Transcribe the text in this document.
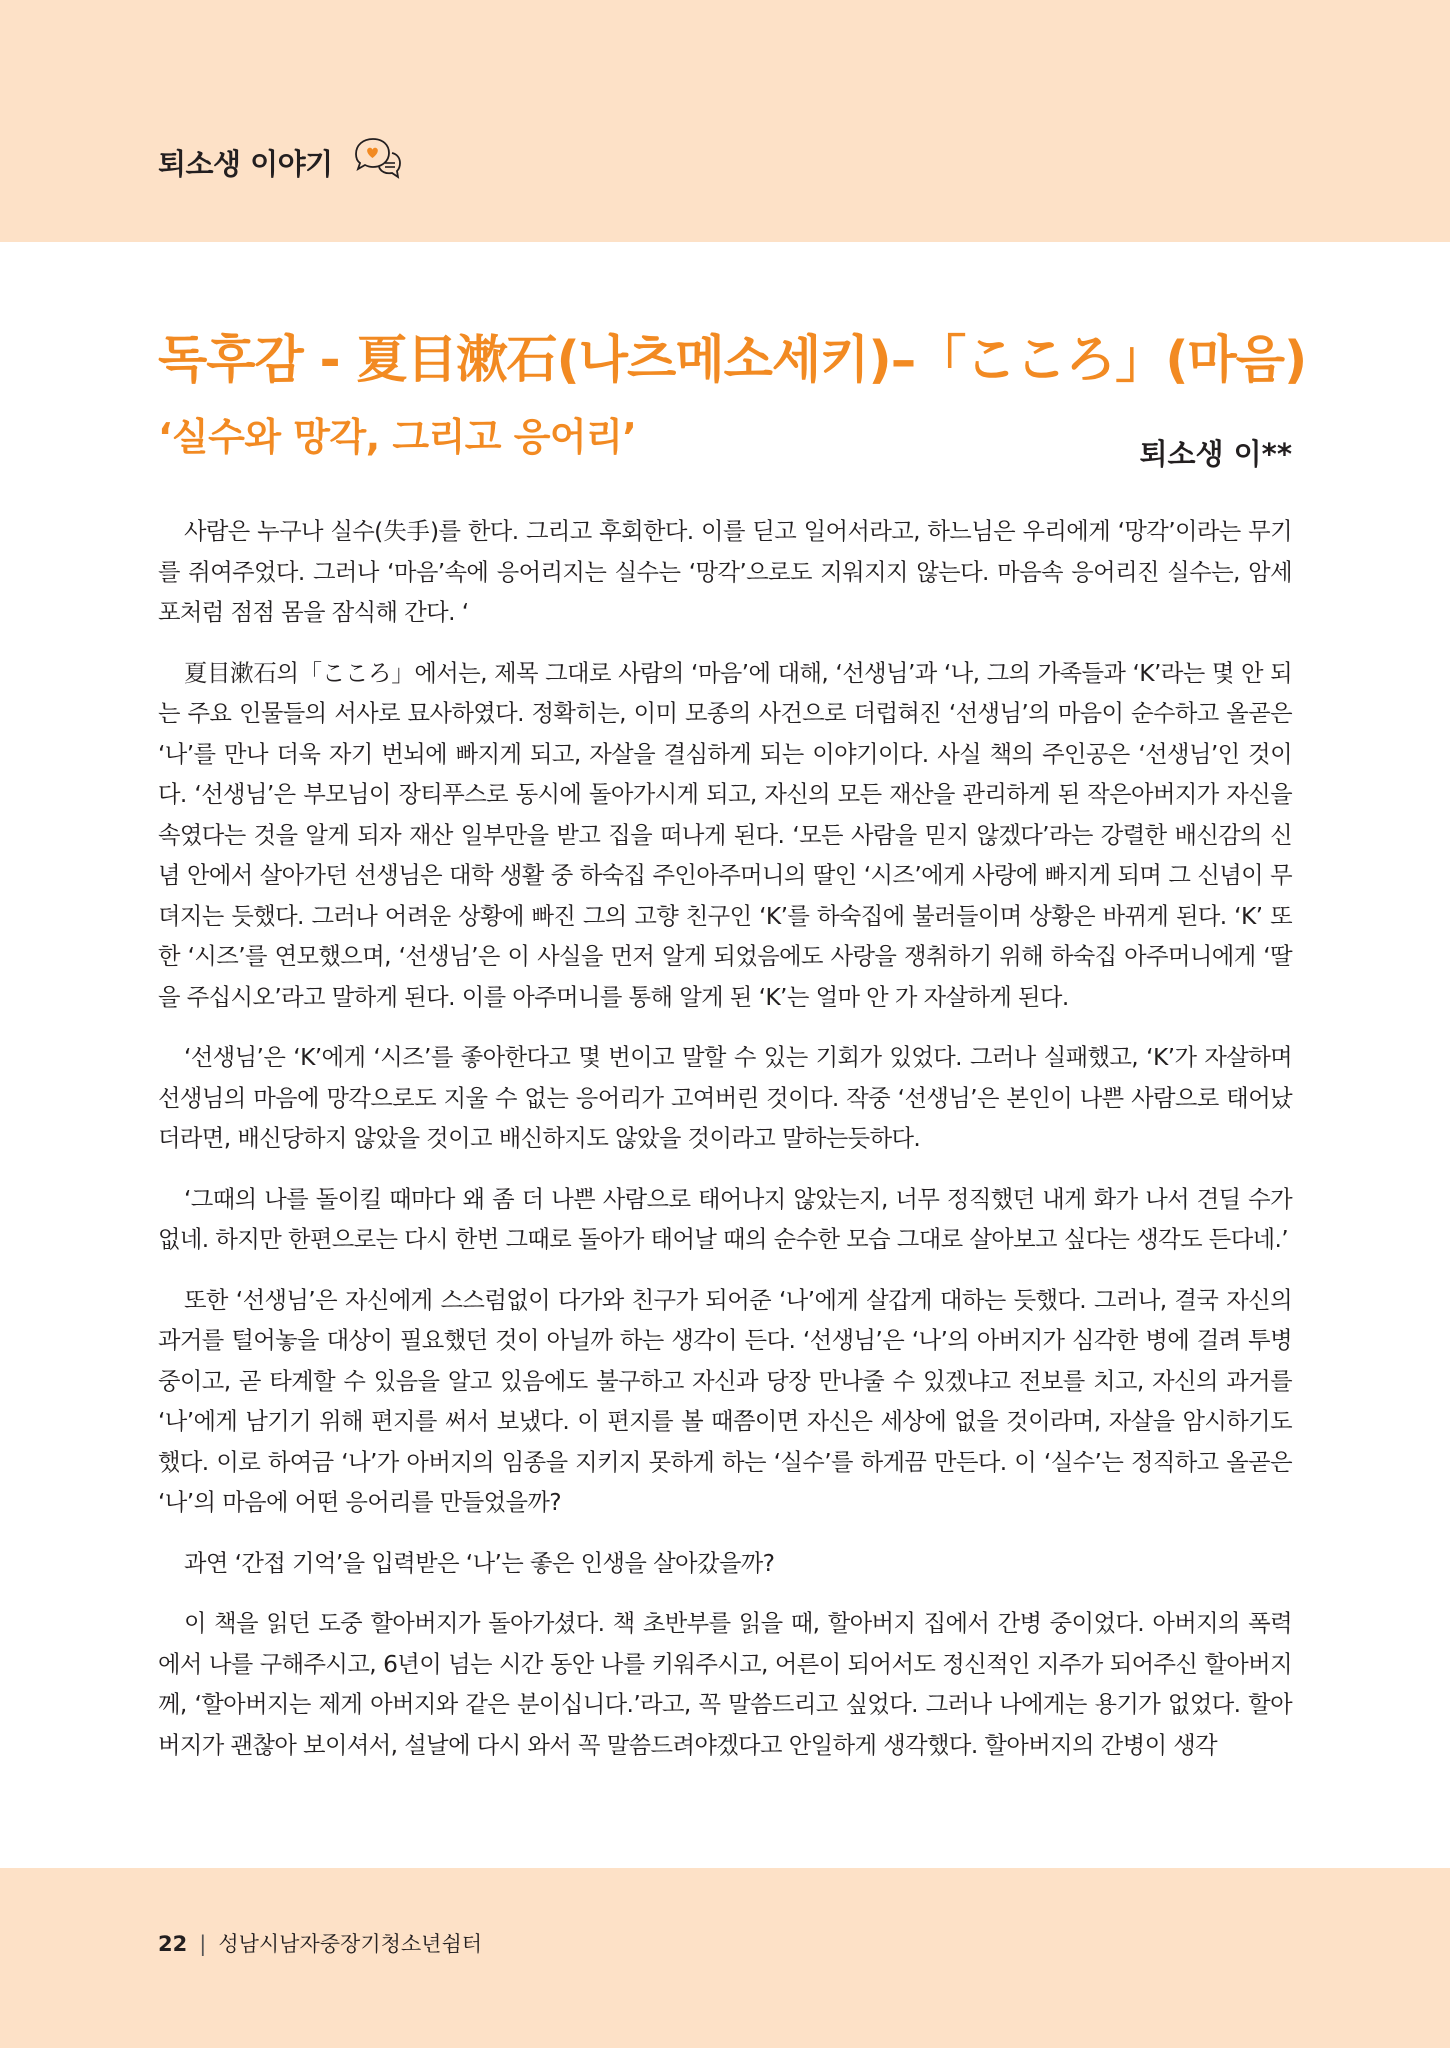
퇴소생 이야기
독후감 - 夏目漱石(나츠메소세키)–「こころ」(마음)
‘실수와 망각, 그리고 응어리’	퇴소생 이**

사람은 누구나 실수(失手)를 한다. 그리고 후회한다. 이를 딛고 일어서라고, 하느님은 우리에게 ‘망각’이라는 무기를 쥐여주었다. 그러나 ‘마음’속에 응어리지는 실수는 ‘망각’으로도 지워지지 않는다. 마음속 응어리진 실수는, 암세포처럼 점점 몸을 잠식해 간다. ‘

夏目漱石의「こころ」에서는, 제목 그대로 사람의 ‘마음’에 대해, ‘선생님’과 ‘나, 그의 가족들과 ‘K’라는 몇 안 되는 주요 인물들의 서사로 묘사하였다. 정확히는, 이미 모종의 사건으로 더럽혀진 ‘선생님’의 마음이 순수하고 올곧은 ‘나’를 만나 더욱 자기 번뇌에 빠지게 되고, 자살을 결심하게 되는 이야기이다. 사실 책의 주인공은 ‘선생님’인 것이다. ‘선생님’은 부모님이 장티푸스로 동시에 돌아가시게 되고, 자신의 모든 재산을 관리하게 된 작은아버지가 자신을 속였다는 것을 알게 되자 재산 일부만을 받고 집을 떠나게 된다. ‘모든 사람을 믿지 않겠다’라는 강렬한 배신감의 신념 안에서 살아가던 선생님은 대학 생활 중 하숙집 주인아주머니의 딸인 ‘시즈’에게 사랑에 빠지게 되며 그 신념이 무뎌지는 듯했다. 그러나 어려운 상황에 빠진 그의 고향 친구인 ‘K’를 하숙집에 불러들이며 상황은 바뀌게 된다. ‘K’ 또한 ‘시즈’를 연모했으며, ‘선생님’은 이 사실을 먼저 알게 되었음에도 사랑을 쟁취하기 위해 하숙집 아주머니에게 ‘딸을 주십시오’라고 말하게 된다. 이를 아주머니를 통해 알게 된 ‘K’는 얼마 안 가 자살하게 된다.

‘선생님’은 ‘K’에게 ‘시즈’를 좋아한다고 몇 번이고 말할 수 있는 기회가 있었다. 그러나 실패했고, ‘K’가 자살하며 선생님의 마음에 망각으로도 지울 수 없는 응어리가 고여버린 것이다. 작중 ‘선생님’은 본인이 나쁜 사람으로 태어났더라면, 배신당하지 않았을 것이고 배신하지도 않았을 것이라고 말하는듯하다.

‘그때의 나를 돌이킬 때마다 왜 좀 더 나쁜 사람으로 태어나지 않았는지, 너무 정직했던 내게 화가 나서 견딜 수가 없네. 하지만 한편으로는 다시 한번 그때로 돌아가 태어날 때의 순수한 모습 그대로 살아보고 싶다는 생각도 든다네.’

또한 ‘선생님’은 자신에게 스스럼없이 다가와 친구가 되어준 ‘나’에게 살갑게 대하는 듯했다. 그러나, 결국 자신의 과거를 털어놓을 대상이 필요했던 것이 아닐까 하는 생각이 든다. ‘선생님’은 ‘나’의 아버지가 심각한 병에 걸려 투병 중이고, 곧 타계할 수 있음을 알고 있음에도 불구하고 자신과 당장 만나줄 수 있겠냐고 전보를 치고, 자신의 과거를 ‘나’에게 남기기 위해 편지를 써서 보냈다. 이 편지를 볼 때쯤이면 자신은 세상에 없을 것이라며, 자살을 암시하기도 했다. 이로 하여금 ‘나’가 아버지의 임종을 지키지 못하게 하는 ‘실수’를 하게끔 만든다. 이 ‘실수’는 정직하고 올곧은 ‘나’의 마음에 어떤 응어리를 만들었을까?

과연 ‘간접 기억’을 입력받은 ‘나’는 좋은 인생을 살아갔을까?

이 책을 읽던 도중 할아버지가 돌아가셨다. 책 초반부를 읽을 때, 할아버지 집에서 간병 중이었다. 아버지의 폭력에서 나를 구해주시고, 6년이 넘는 시간 동안 나를 키워주시고, 어른이 되어서도 정신적인 지주가 되어주신 할아버지께, ‘할아버지는 제게 아버지와 같은 분이십니다.’라고, 꼭 말씀드리고 싶었다. 그러나 나에게는 용기가 없었다. 할아버지가 괜찮아 보이셔서, 설날에 다시 와서 꼭 말씀드려야겠다고 안일하게 생각했다. 할아버지의 간병이 생각

22 | 성남시남자중장기청소년쉼터
